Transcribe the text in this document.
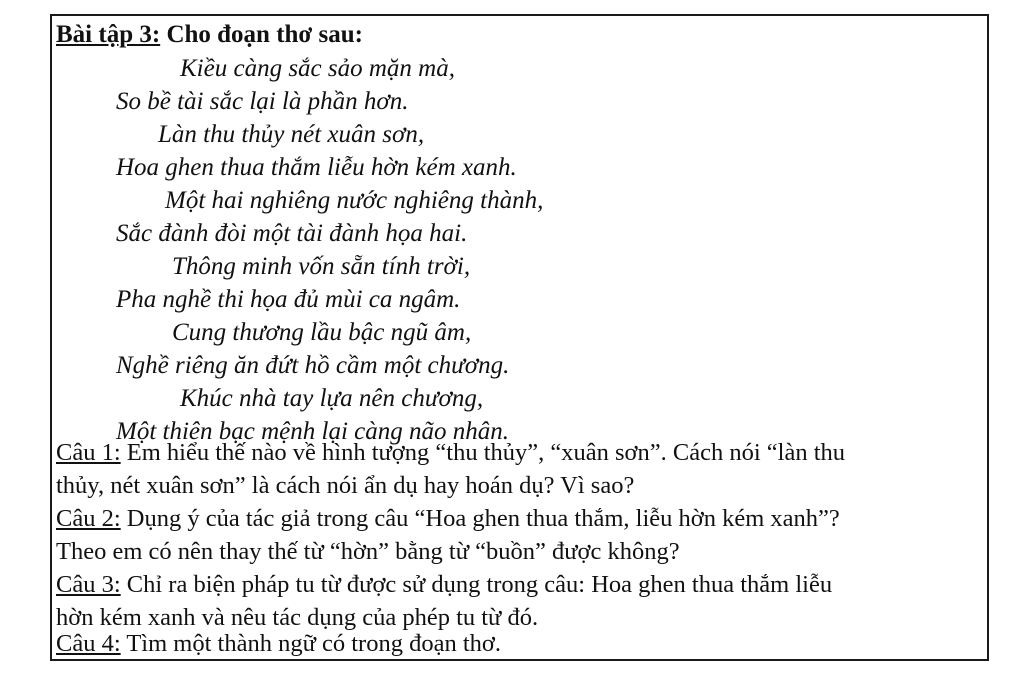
Bài tập 3: Cho đoạn thơ sau:
Kiều càng sắc sảo mặn mà,
So bề tài sắc lại là phần hơn.
Làn thu thủy nét xuân sơn,
Hoa ghen thua thắm liễu hờn kém xanh.
Một hai nghiêng nước nghiêng thành,
Sắc đành đòi một tài đành họa hai.
Thông minh vốn sẵn tính trời,
Pha nghề thi họa đủ mùi ca ngâm.
Cung thương lầu bậc ngũ âm,
Nghề riêng ăn đứt hồ cầm một chương.
Khúc nhà tay lựa nên chương,
Một thiên bạc mệnh lại càng não nhân.
Câu 1: Em hiểu thế nào về hình tượng “thu thủy”, “xuân sơn”. Cách nói “làn thu
thủy, nét xuân sơn” là cách nói ẩn dụ hay hoán dụ? Vì sao?
Câu 2: Dụng ý của tác giả trong câu “Hoa ghen thua thắm, liễu hờn kém xanh”?
Theo em có nên thay thế từ “hờn” bằng từ “buồn” được không?
Câu 3: Chỉ ra biện pháp tu từ được sử dụng trong câu: Hoa ghen thua thắm liễu
hờn kém xanh và nêu tác dụng của phép tu từ đó.
Câu 4: Tìm một thành ngữ có trong đoạn thơ.
